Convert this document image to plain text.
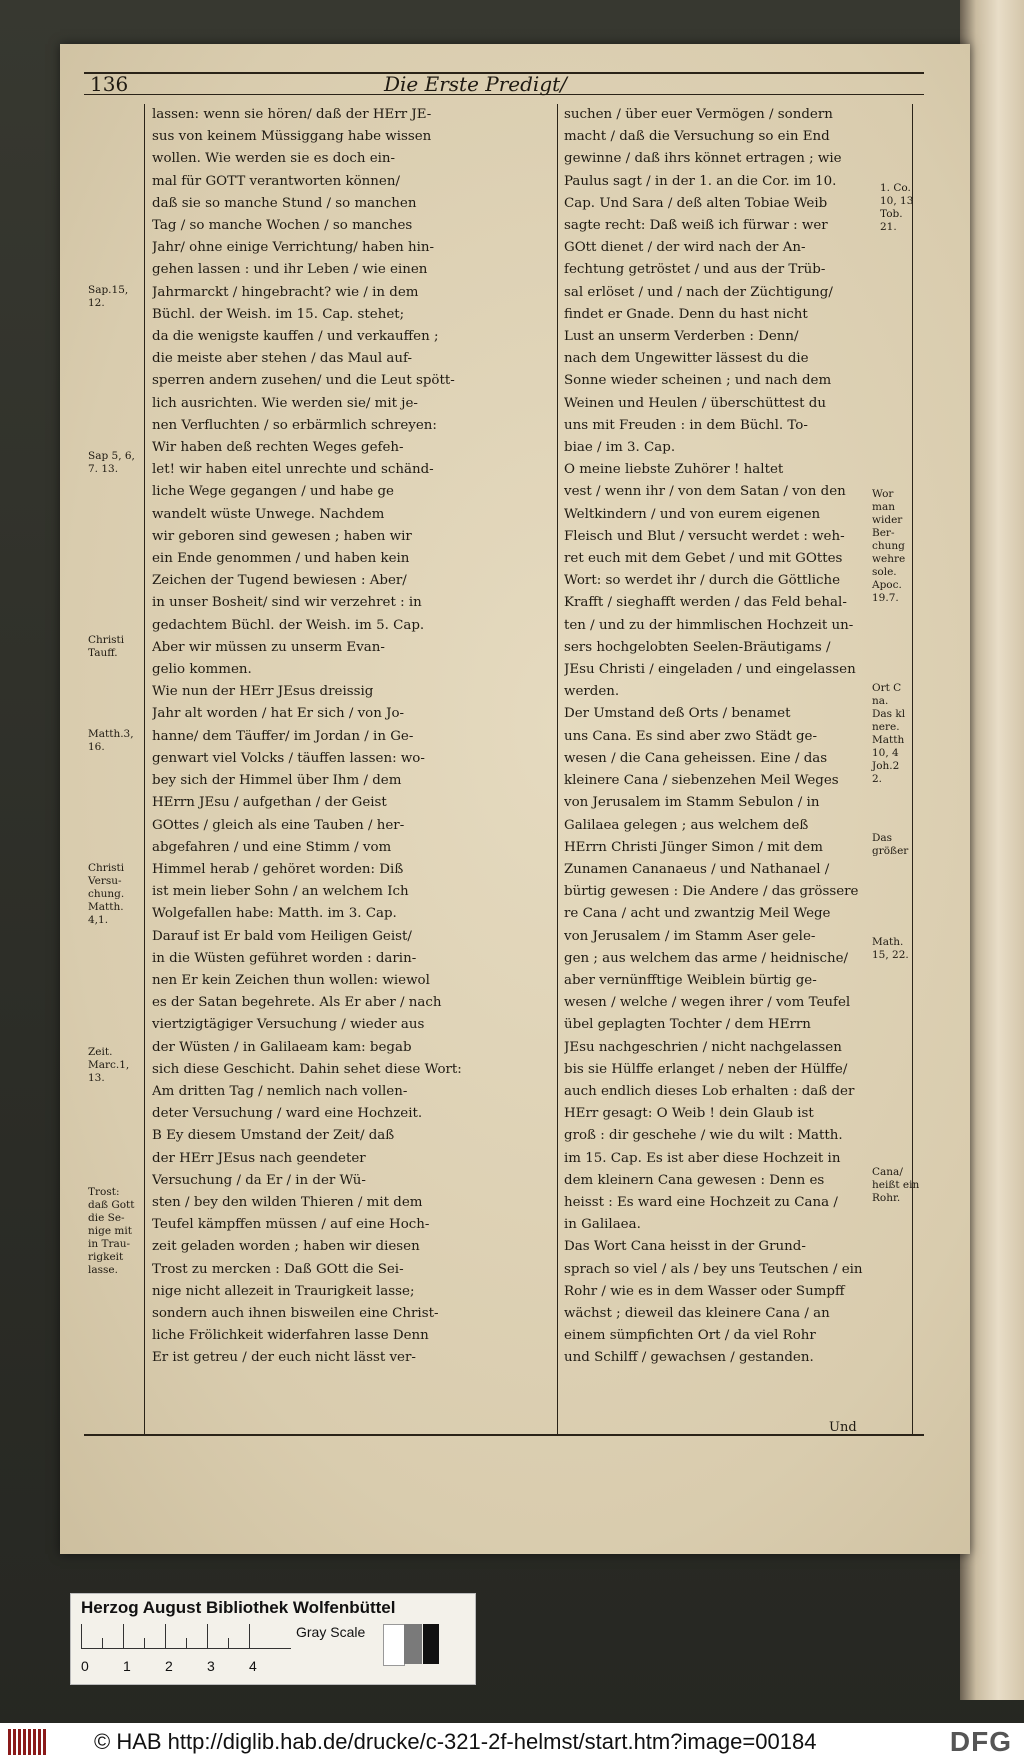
136	Die Erste Predigt/
lassen: wenn sie hören/ daß der HErr JE-
sus von keinem Müssiggang habe wissen
wollen. Wie werden sie es doch ein-
mal für GOTT verantworten können/
daß sie so manche Stund / so manchen
Tag / so manche Wochen / so manches
Jahr/ ohne einige Verrichtung/ haben hin-
gehen lassen : und ihr Leben / wie einen
Jahrmarckt / hingebracht? wie / in dem
Büchl. der Weish. im 15. Cap. stehet;
da die wenigste kauffen / und verkauffen ;
die meiste aber stehen / das Maul auf-
sperren andern zusehen/ und die Leut spött-
lich ausrichten. Wie werden sie/ mit je-
nen Verfluchten / so erbärmlich schreyen:
Wir haben deß rechten Weges gefeh-
let! wir haben eitel unrechte und schänd-
liche Wege gegangen / und habe ge
wandelt wüste Unwege. Nachdem
wir geboren sind gewesen ; haben wir
ein Ende genommen / und haben kein
Zeichen der Tugend bewiesen : Aber/
in unser Bosheit/ sind wir verzehret : in
gedachtem Büchl. der Weish. im 5. Cap.
Aber wir müssen zu unserm Evan-
gelio kommen.
Wie nun der HErr JEsus dreissig
Jahr alt worden / hat Er sich / von Jo-
hanne/ dem Täuffer/ im Jordan / in Ge-
genwart viel Volcks / täuffen lassen: wo-
bey sich der Himmel über Ihm / dem
HErrn JEsu / aufgethan / der Geist
GOttes / gleich als eine Tauben / her-
abgefahren / und eine Stimm / vom
Himmel herab / gehöret worden: Diß
ist mein lieber Sohn / an welchem Ich
Wolgefallen habe: Matth. im 3. Cap.
Darauf ist Er bald vom Heiligen Geist/
in die Wüsten geführet worden : darin-
nen Er kein Zeichen thun wollen: wiewol
es der Satan begehrete. Als Er aber / nach
viertzigtägiger Versuchung / wieder aus
der Wüsten / in Galilaeam kam: begab
sich diese Geschicht. Dahin sehet diese Wort:
Am dritten Tag / nemlich nach vollen-
deter Versuchung / ward eine Hochzeit.
B Ey diesem Umstand der Zeit/ daß
der HErr JEsus nach geendeter
Versuchung / da Er / in der Wü-
sten / bey den wilden Thieren / mit dem
Teufel kämpffen müssen / auf eine Hoch-
zeit geladen worden ; haben wir diesen
Trost zu mercken : Daß GOtt die Sei-
nige nicht allezeit in Traurigkeit lasse;
sondern auch ihnen bisweilen eine Christ-
liche Frölichkeit widerfahren lasse Denn
Er ist getreu / der euch nicht lässt ver-
suchen / über euer Vermögen / sondern
macht / daß die Versuchung so ein End
gewinne / daß ihrs könnet ertragen ; wie
Paulus sagt / in der 1. an die Cor. im 10.
Cap. Und Sara / deß alten Tobiae Weib
sagte recht: Daß weiß ich fürwar : wer
GOtt dienet / der wird nach der An-
fechtung getröstet / und aus der Trüb-
sal erlöset / und / nach der Züchtigung/
findet er Gnade. Denn du hast nicht
Lust an unserm Verderben : Denn/
nach dem Ungewitter lässest du die
Sonne wieder scheinen ; und nach dem
Weinen und Heulen / überschüttest du
uns mit Freuden : in dem Büchl. To-
biae / im 3. Cap.
O meine liebste Zuhörer ! haltet
vest / wenn ihr / von dem Satan / von den
Weltkindern / und von eurem eigenen
Fleisch und Blut / versucht werdet : weh-
ret euch mit dem Gebet / und mit GOttes
Wort: so werdet ihr / durch die Göttliche
Krafft / sieghafft werden / das Feld behal-
ten / und zu der himmlischen Hochzeit un-
sers hochgelobten Seelen-Bräutigams /
JEsu Christi / eingeladen / und eingelassen
werden.
Der Umstand deß Orts / benamet
uns Cana. Es sind aber zwo Städt ge-
wesen / die Cana geheissen. Eine / das
kleinere Cana / siebenzehen Meil Weges
von Jerusalem im Stamm Sebulon / in
Galilaea gelegen ; aus welchem deß
HErrn Christi Jünger Simon / mit dem
Zunamen Cananaeus / und Nathanael /
bürtig gewesen : Die Andere / das grössere
re Cana / acht und zwantzig Meil Wege
von Jerusalem / im Stamm Aser gele-
gen ; aus welchem das arme / heidnische/
aber vernünfftige Weiblein bürtig ge-
wesen / welche / wegen ihrer / vom Teufel
übel geplagten Tochter / dem HErrn
JEsu nachgeschrien / nicht nachgelassen
bis sie Hülffe erlanget / neben der Hülffe/
auch endlich dieses Lob erhalten : daß der
HErr gesagt: O Weib ! dein Glaub ist
groß : dir geschehe / wie du wilt : Matth.
im 15. Cap. Es ist aber diese Hochzeit in
dem kleinern Cana gewesen : Denn es
heisst : Es ward eine Hochzeit zu Cana /
in Galilaea.
Das Wort Cana heisst in der Grund-
sprach so viel / als / bey uns Teutschen / ein
Rohr / wie es in dem Wasser oder Sumpff
wächst ; dieweil das kleinere Cana / an
einem sümpfichten Ort / da viel Rohr
und Schilff / gewachsen / gestanden.
Sap.15,
12.
Sap 5, 6,
7. 13.
Christi
Tauff.
Matth.3,
16.
Christi
Versu-
chung.
Matth.
4,1.
Zeit.
Marc.1,
13.
Trost:
daß Gott
die Se-
nige mit
in Trau-
rigkeit
lasse.
1. Co.
10, 13
Tob.
21.
Wor
man
wider
Ber-
chung
wehre
sole.
Apoc.
19.7.
Ort C
na.
Das kl
nere.
Matth
10, 4
Joh.2
2.
Das
größer
Math.
15, 22.
Cana/
heißt ein
Rohr.
Und
Herzog August Bibliothek Wolfenbüttel
0 1 2 3 4
Gray Scale
© HAB http://diglib.hab.de/drucke/c-321-2f-helmst/start.htm?image=00184	DFG
